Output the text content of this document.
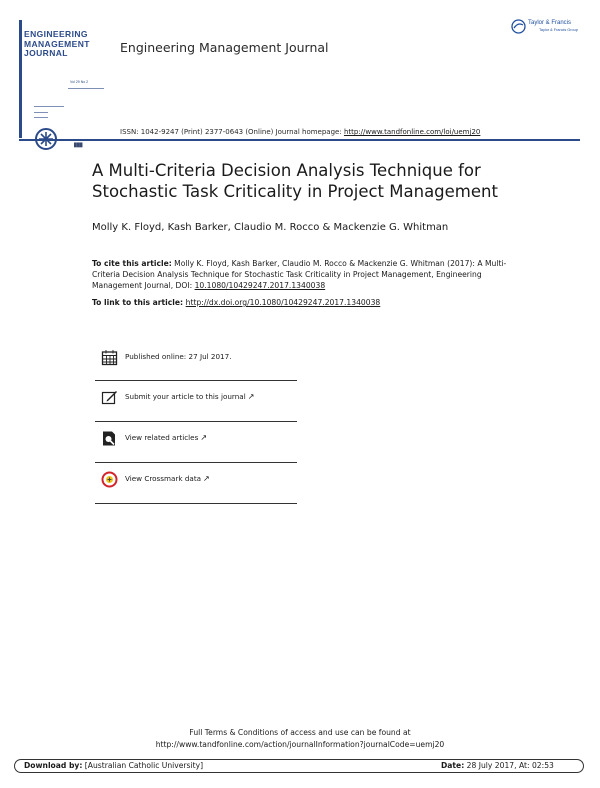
ENGINEERING
MANAGEMENT
JOURNAL
Vol 29 No 2
███
Engineering Management Journal
Taylor & Francis
Taylor & Francis Group
ISSN: 1042-9247 (Print) 2377-0643 (Online) Journal homepage: http://www.tandfonline.com/loi/uemj20
A Multi-Criteria Decision Analysis Technique for Stochastic Task Criticality in Project Management
Molly K. Floyd, Kash Barker, Claudio M. Rocco & Mackenzie G. Whitman
To cite this article: Molly K. Floyd, Kash Barker, Claudio M. Rocco & Mackenzie G. Whitman (2017): A Multi-Criteria Decision Analysis Technique for Stochastic Task Criticality in Project Management, Engineering Management Journal, DOI: 10.1080/10429247.2017.1340038
To link to this article: http://dx.doi.org/10.1080/10429247.2017.1340038
Published online: 27 Jul 2017.
Submit your article to this journal ↗
View related articles ↗
View Crossmark data ↗
Full Terms & Conditions of access and use can be found at
http://www.tandfonline.com/action/journalInformation?journalCode=uemj20
Download by: [Australian Catholic University]	Date: 28 July 2017, At: 02:53
